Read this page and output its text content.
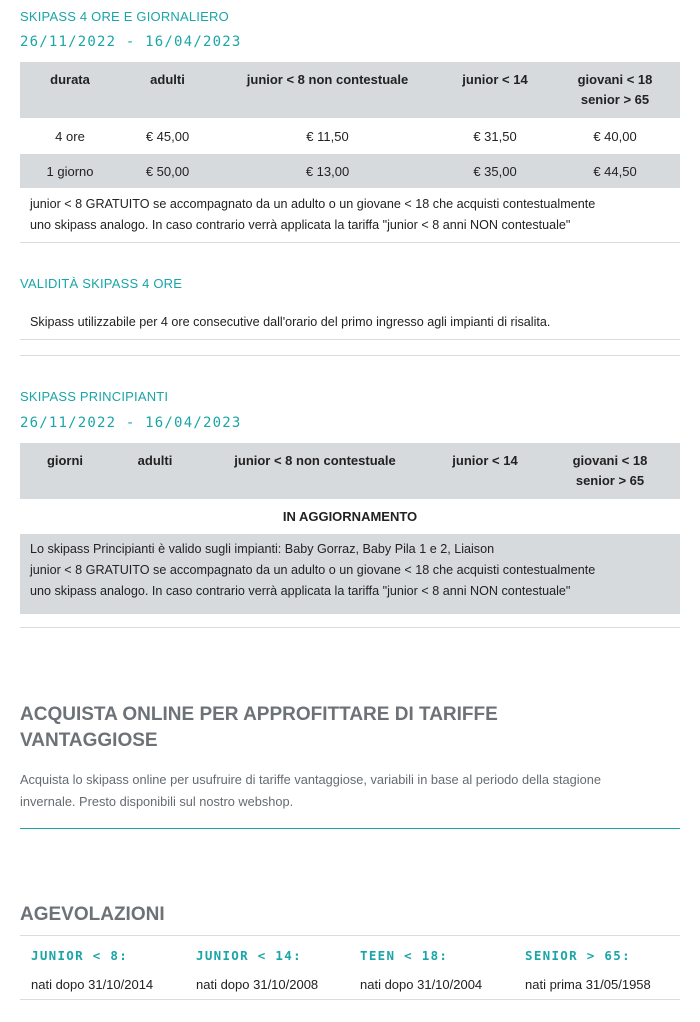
SKIPASS 4 ORE E GIORNALIERO
26/11/2022 - 16/04/2023
durata	adulti	junior < 8 non contestuale	junior < 14	giovani < 18
senior > 65

4 ore	€ 45,00	€ 11,50	€ 31,50	€ 40,00
1 giorno	€ 50,00	€ 13,00	€ 35,00	€ 44,50
junior < 8 GRATUITO se accompagnato da un adulto o un giovane < 18 che acquisti contestualmente
uno skipass analogo. In caso contrario verrà applicata la tariffa "junior < 8 anni NON contestuale"
VALIDITÀ SKIPASS 4 ORE
Skipass utilizzabile per 4 ore consecutive dall'orario del primo ingresso agli impianti di risalita.
SKIPASS PRINCIPIANTI
26/11/2022 - 16/04/2023
giorni	adulti	junior < 8 non contestuale	junior < 14	giovani < 18
senior > 65

IN AGGIORNAMENTO
Lo skipass Principianti è valido sugli impianti: Baby Gorraz, Baby Pila 1 e 2, Liaison
junior < 8 GRATUITO se accompagnato da un adulto o un giovane < 18 che acquisti contestualmente
uno skipass analogo. In caso contrario verrà applicata la tariffa "junior < 8 anni NON contestuale"
ACQUISTA ONLINE PER APPROFITTARE DI TARIFFE
VANTAGGIOSE
Acquista lo skipass online per usufruire di tariffe vantaggiose, variabili in base al periodo della stagione
invernale. Presto disponibili sul nostro webshop.
AGEVOLAZIONI
JUNIOR < 8:
nati dopo 31/10/2014
JUNIOR < 14:
nati dopo 31/10/2008
TEEN < 18:
nati dopo 31/10/2004
SENIOR > 65:
nati prima 31/05/1958
